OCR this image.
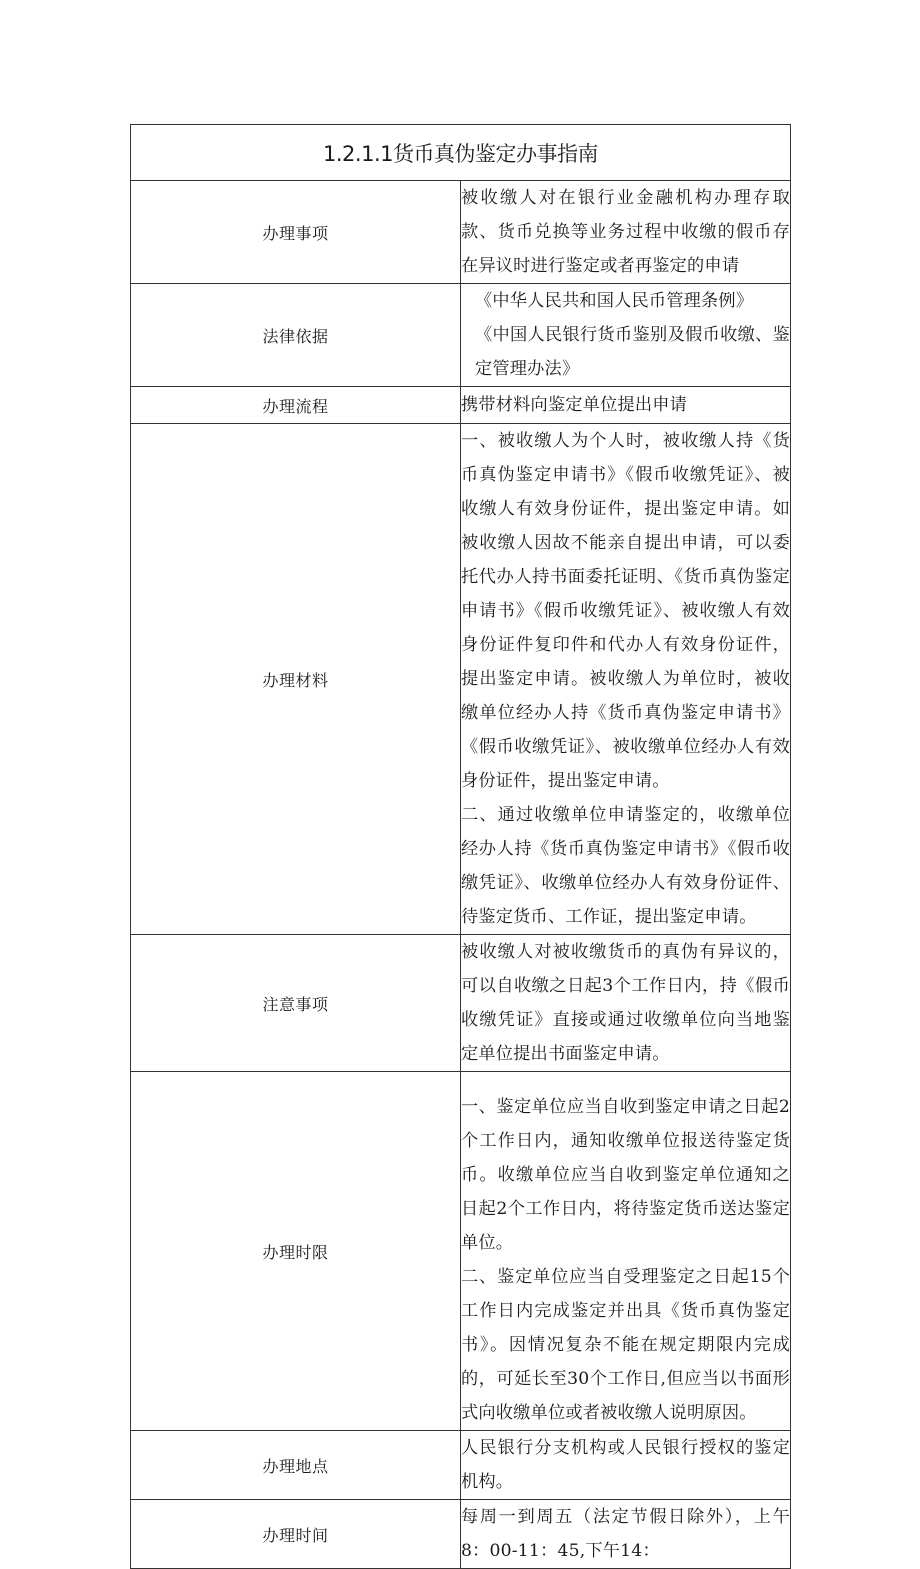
1.2.1.1货币真伪鉴定办事指南	
办理事项	被收缴人对在银行业金融机构办理存取款、货币兑换等业务过程中收缴的假币存在异议时进行鉴定或者再鉴定的申请

法律依据	《中华人民共和国人民币管理条例》
《中国人民银行货币鉴别及假币收缴、鉴定管理办法》

办理流程	携带材料向鉴定单位提出申请

办理材料	一、被收缴人为个人时，被收缴人持《货币真伪鉴定申请书》《假币收缴凭证》、被收缴人有效身份证件，提出鉴定申请。如被收缴人因故不能亲自提出申请，可以委托代办人持书面委托证明、《货币真伪鉴定申请书》《假币收缴凭证》、被收缴人有效身份证件复印件和代办人有效身份证件，提出鉴定申请。被收缴人为单位时，被收缴单位经办人持《货币真伪鉴定申请书》《假币收缴凭证》、被收缴单位经办人有效身份证件，提出鉴定申请。
二、通过收缴单位申请鉴定的，收缴单位经办人持《货币真伪鉴定申请书》《假币收缴凭证》、收缴单位经办人有效身份证件、待鉴定货币、工作证，提出鉴定申请。

注意事项	被收缴人对被收缴货币的真伪有异议的，可以自收缴之日起3个工作日内，持《假币收缴凭证》直接或通过收缴单位向当地鉴定单位提出书面鉴定申请。

办理时限	一、鉴定单位应当自收到鉴定申请之日起2个工作日内，通知收缴单位报送待鉴定货币。收缴单位应当自收到鉴定单位通知之日起2个工作日内，将待鉴定货币送达鉴定单位。
二、鉴定单位应当自受理鉴定之日起15个工作日内完成鉴定并出具《货币真伪鉴定书》。因情况复杂不能在规定期限内完成的，可延长至30个工作日,但应当以书面形式向收缴单位或者被收缴人说明原因。

办理地点	人民银行分支机构或人民银行授权的鉴定机构。

办理时间	每周一到周五（法定节假日除外），上午8：00-11：45,下午14：
